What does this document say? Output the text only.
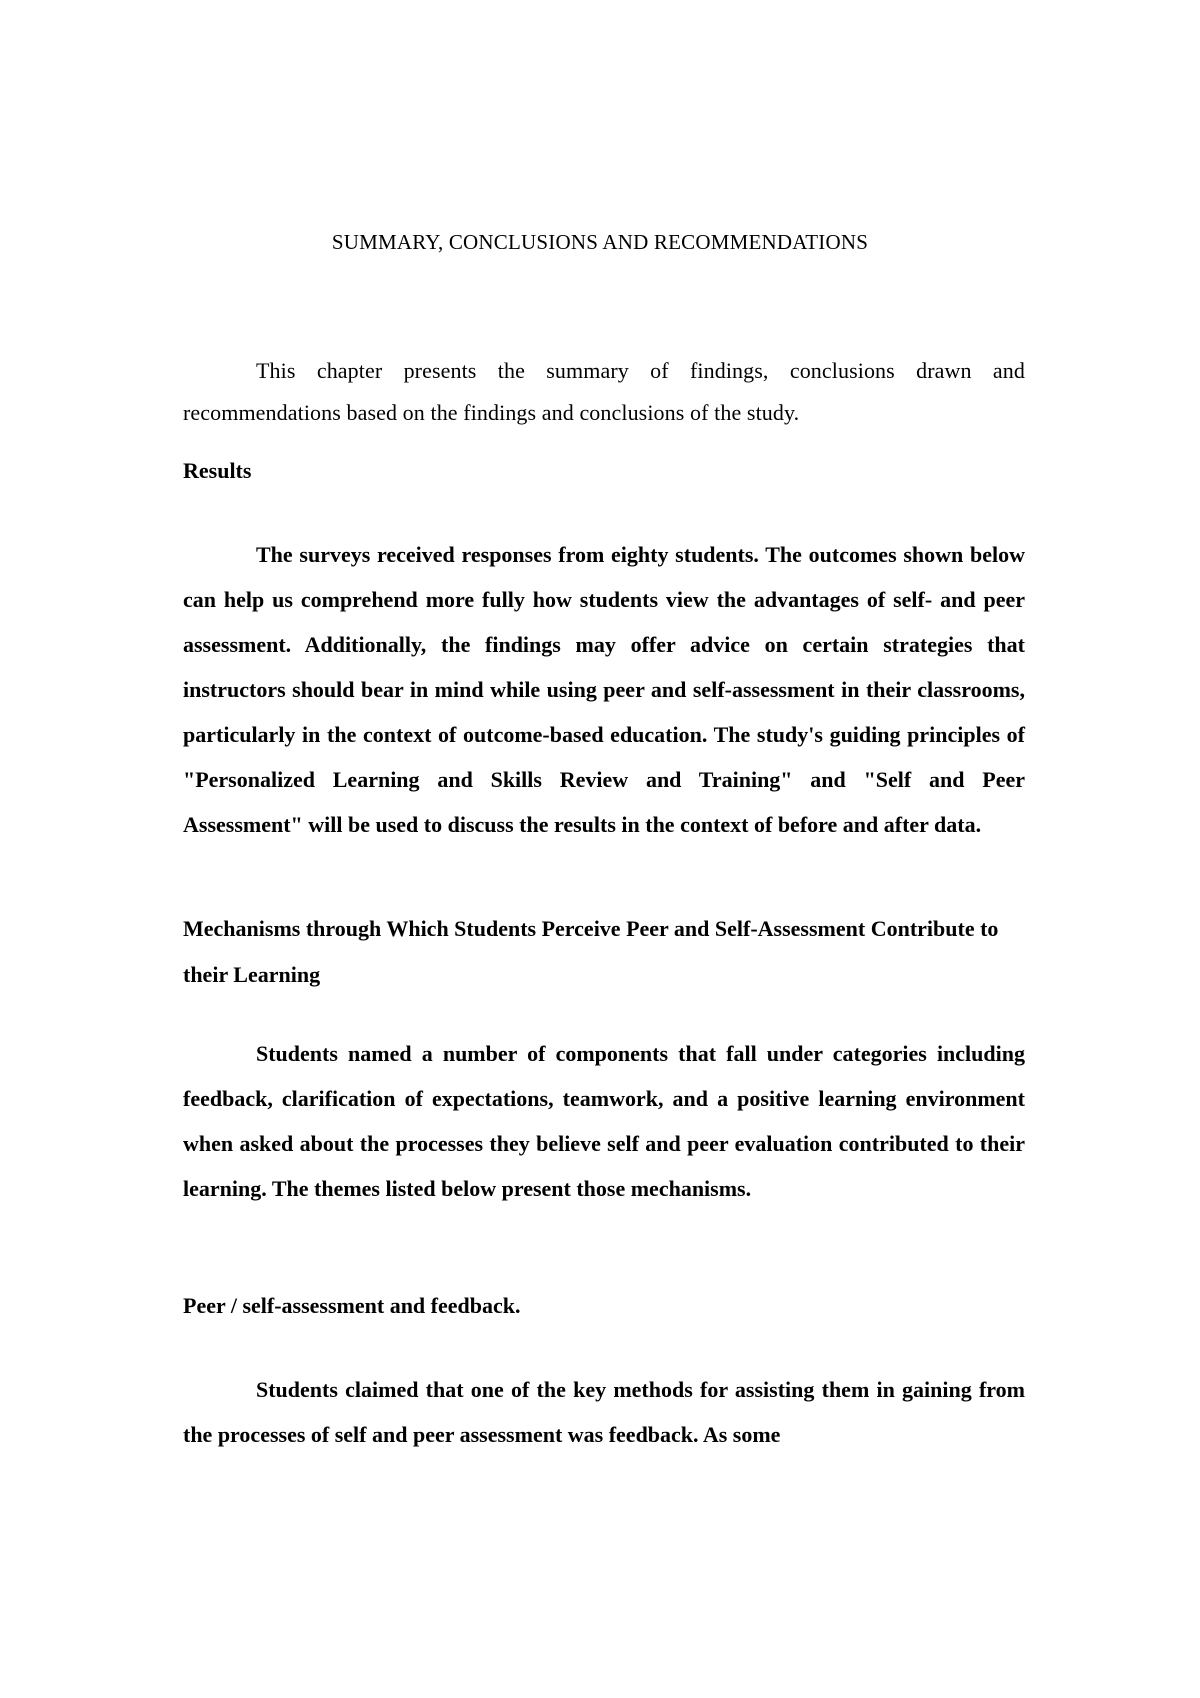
SUMMARY, CONCLUSIONS AND RECOMMENDATIONS

This chapter presents the summary of findings, conclusions drawn and recommendations based on the findings and conclusions of the study.

Results

The surveys received responses from eighty students. The outcomes shown below can help us comprehend more fully how students view the advantages of self- and peer assessment. Additionally, the findings may offer advice on certain strategies that instructors should bear in mind while using peer and self-assessment in their classrooms, particularly in the context of outcome-based education. The study's guiding principles of "Personalized Learning and Skills Review and Training" and "Self and Peer Assessment" will be used to discuss the results in the context of before and after data.

Mechanisms through Which Students Perceive Peer and Self-Assessment Contribute to their Learning

Students named a number of components that fall under categories including feedback, clarification of expectations, teamwork, and a positive learning environment when asked about the processes they believe self and peer evaluation contributed to their learning. The themes listed below present those mechanisms.

Peer / self-assessment and feedback.

Students claimed that one of the key methods for assisting them in gaining from the processes of self and peer assessment was feedback. As some
